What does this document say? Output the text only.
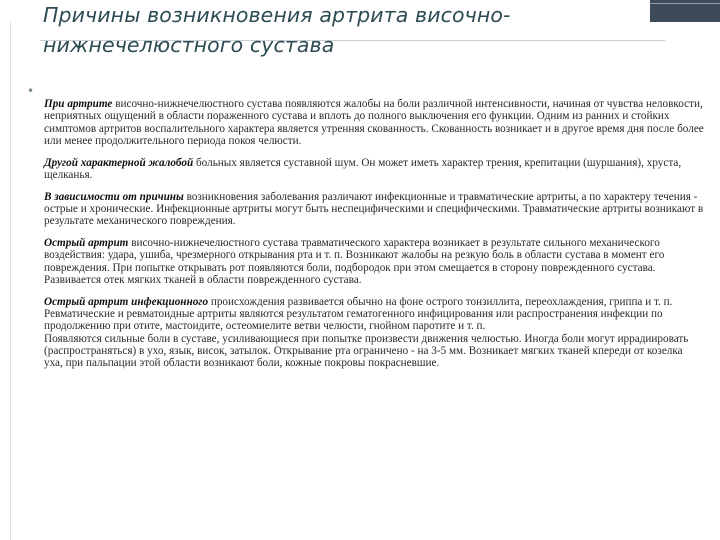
Причины возникновения артрита височно-
нижнечелюстного сустава
•

При артрите височно-нижнечелюстного сустава появляются жалобы на боли различной интенсивности, начиная от чувства неловкости, неприятных ощущений в области пораженного сустава и вплоть до полного выключения его функции. Одним из ранних и стойких симптомов артритов воспалительного характера является утренняя скованность. Скованность возникает и в другое время дня после более или менее продолжительного периода покоя челюсти.

Другой характерной жалобой больных является суставной шум. Он может иметь характер трения, крепитации (шуршания), хруста, щелканья.

В зависимости от причины возникновения заболевания различают инфекционные и травматические артриты, а по характеру течения - острые и хронические. Инфекционные артриты могут быть неспецифическими и специфическими. Травматические артриты возникают в результате механического повреждения.

Острый артрит височно-нижнечелюстного сустава травматического характера возникает в результате сильного механического воздействия: удара, ушиба, чрезмерного открывания рта и т. п. Возникают жалобы на резкую боль в области сустава в момент его повреждения. При попытке открывать рот появляются боли, подбородок при этом смещается в сторону поврежденного сустава. Развивается отек мягких тканей в области поврежденного сустава.

Острый артрит инфекционного происхождения развивается обычно на фоне острого тонзиллита, переохлаждения, гриппа и т. п. Ревматические и ревматоидные артриты являются результатом гематогенного инфицирования или распространения инфекции по продолжению при отите, мастоидите, остеомиелите ветви челюсти, гнойном паротите и т. п.
Появляются сильные боли в суставе, усиливающиеся при попытке произвести движения челюстью. Иногда боли могут иррадиировать (распространяться) в ухо, язык, висок, затылок. Открывание рта ограничено - на 3-5 мм. Возникает мягких тканей кпереди от козелка уха, при пальпации этой области возникают боли, кожные покровы покрасневшие.
